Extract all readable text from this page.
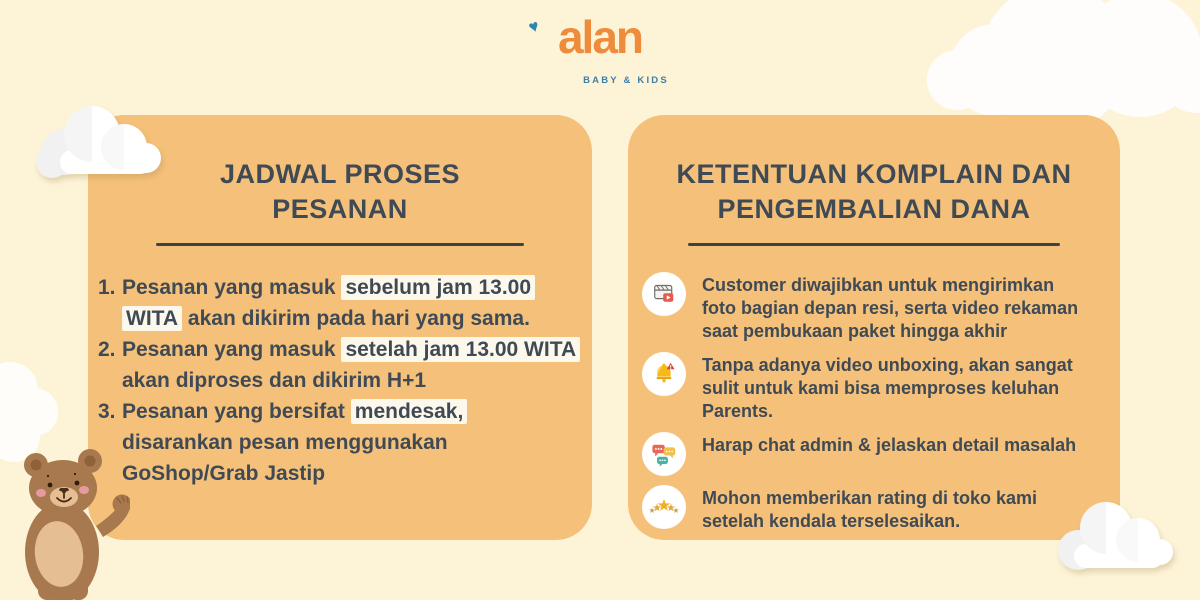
♥ alan
BABY & KIDS
JADWAL PROSES
PESANAN
1. Pesanan yang masuk sebelum jam 13.00 WITA akan dikirim pada hari yang sama.
2. Pesanan yang masuk setelah jam 13.00 WITA akan diproses dan dikirim H+1
3. Pesanan yang bersifat mendesak, disarankan pesan menggunakan GoShop/Grab Jastip
KETENTUAN KOMPLAIN DAN
PENGEMBALIAN DANA

Customer diwajibkan untuk mengirimkan foto bagian depan resi, serta video rekaman saat pembukaan paket hingga akhir

Tanpa adanya video unboxing, akan sangat sulit untuk kami bisa memproses keluhan Parents.

Harap chat admin & jelaskan detail masalah

Mohon memberikan rating di toko kami setelah kendala terselesaikan.
